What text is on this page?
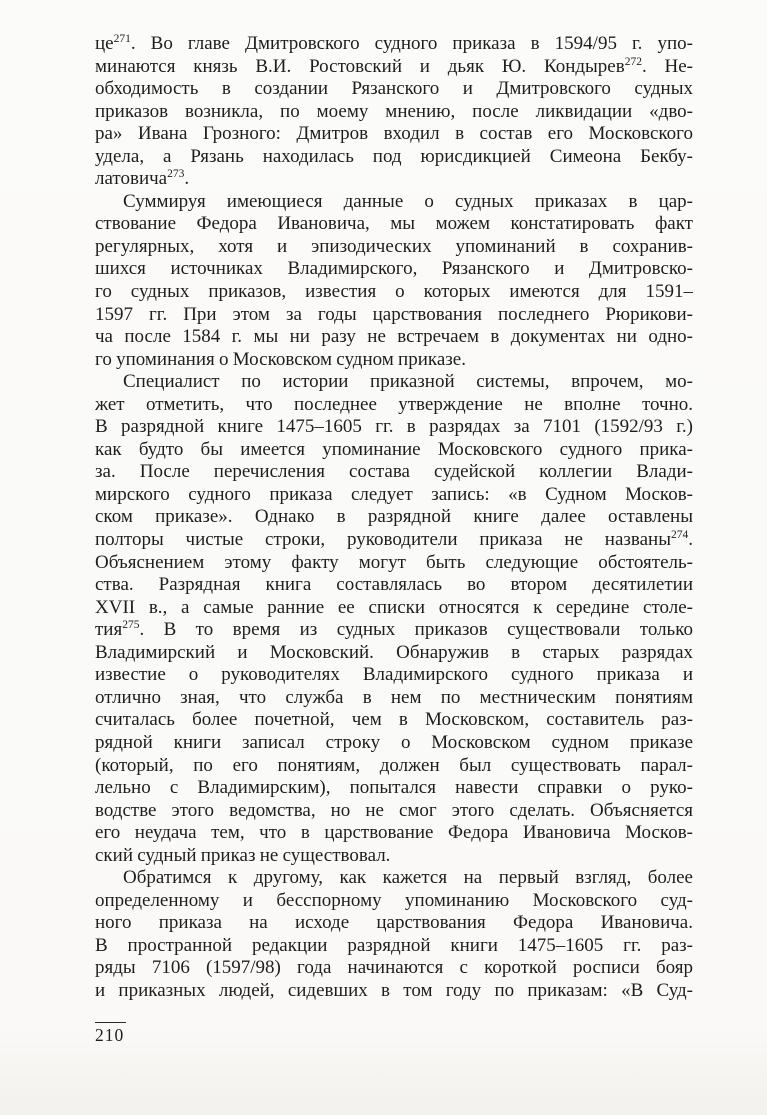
це$^{271}$. Во главе Дмитровского судного приказа в 1594/95 г. упо-
минаются князь В.И. Ростовский и дьяк Ю. Кондырев$^{272}$. Не-
обходимость в создании Рязанского и Дмитровского судных
приказов возникла, по моему мнению, после ликвидации «дво-
ра» Ивана Грозного: Дмитров входил в состав его Московского
удела, а Рязань находилась под юрисдикцией Симеона Бекбу-
латовича$^{273}$.
Суммируя имеющиеся данные о судных приказах в цар-
ствование Федора Ивановича, мы можем констатировать факт
регулярных, хотя и эпизодических упоминаний в сохранив-
шихся источниках Владимирского, Рязанского и Дмитровско-
го судных приказов, известия о которых имеются для 1591–
1597 гг. При этом за годы царствования последнего Рюрикови-
ча после 1584 г. мы ни разу не встречаем в документах ни одно-
го упоминания о Московском судном приказе.
Специалист по истории приказной системы, впрочем, мо-
жет отметить, что последнее утверждение не вполне точно.
В разрядной книге 1475–1605 гг. в разрядах за 7101 (1592/93 г.)
как будто бы имеется упоминание Московского судного прика-
за. После перечисления состава судейской коллегии Влади-
мирского судного приказа следует запись: «в Судном Москов-
ском приказе». Однако в разрядной книге далее оставлены
полторы чистые строки, руководители приказа не названы$^{274}$.
Объяснением этому факту могут быть следующие обстоятель-
ства. Разрядная книга составлялась во втором десятилетии
XVII в., а самые ранние ее списки относятся к середине столе-
тия$^{275}$. В то время из судных приказов существовали только
Владимирский и Московский. Обнаружив в старых разрядах
известие о руководителях Владимирского судного приказа и
отлично зная, что служба в нем по местническим понятиям
считалась более почетной, чем в Московском, составитель раз-
рядной книги записал строку о Московском судном приказе
(который, по его понятиям, должен был существовать парал-
лельно с Владимирским), попытался навести справки о руко-
водстве этого ведомства, но не смог этого сделать. Объясняется
его неудача тем, что в царствование Федора Ивановича Москов-
ский судный приказ не существовал.
Обратимся к другому, как кажется на первый взгляд, более
определенному и бесспорному упоминанию Московского суд-
ного приказа на исходе царствования Федора Ивановича.
В пространной редакции разрядной книги 1475–1605 гг. раз-
ряды 7106 (1597/98) года начинаются с короткой росписи бояр
и приказных людей, сидевших в том году по приказам: «В Суд-
210
